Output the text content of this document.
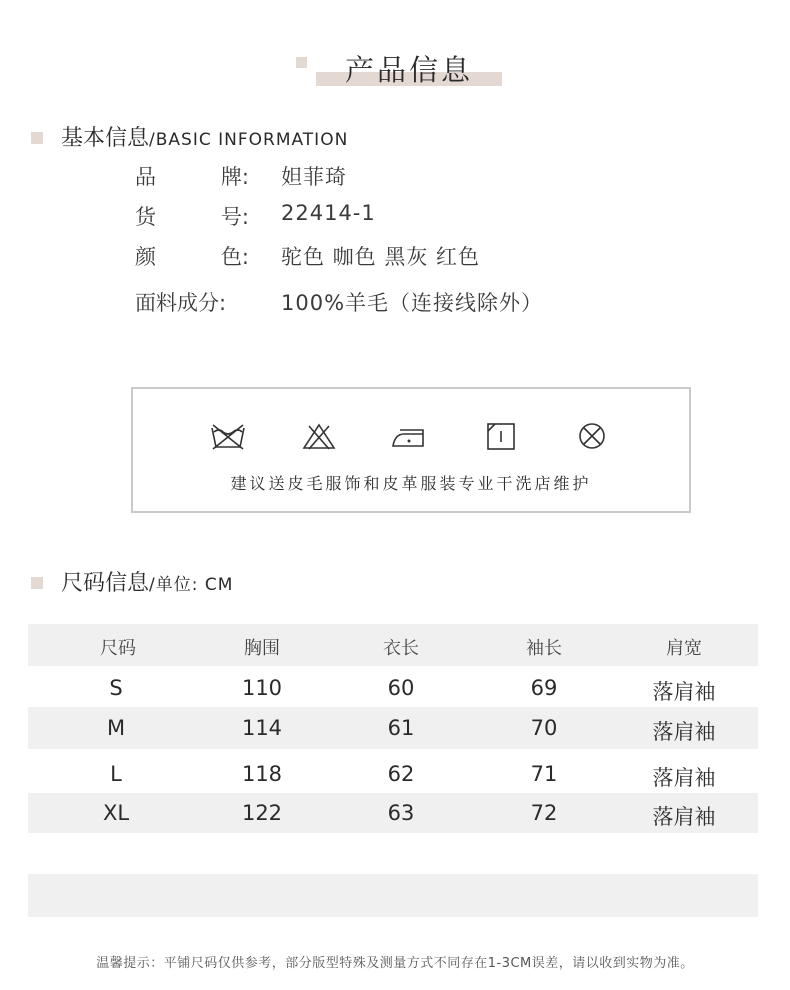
产品信息
基本信息/BASIC INFORMATION
品	牌: 妲菲琦
货	号: 22414-1
颜	色: 驼色 咖色 黑灰 红色
面料成分:	100%羊毛（连接线除外）
建议送皮毛服饰和皮革服装专业干洗店维护
尺码信息/单位: CM
尺码	胸围	衣长	袖长	肩宽
S	110	60	69	落肩袖
M	114	61	70	落肩袖
L	118	62	71	落肩袖
XL	122	63	72	落肩袖
温馨提示：平铺尺码仅供参考，部分版型特殊及测量方式不同存在1-3CM误差，请以收到实物为准。
